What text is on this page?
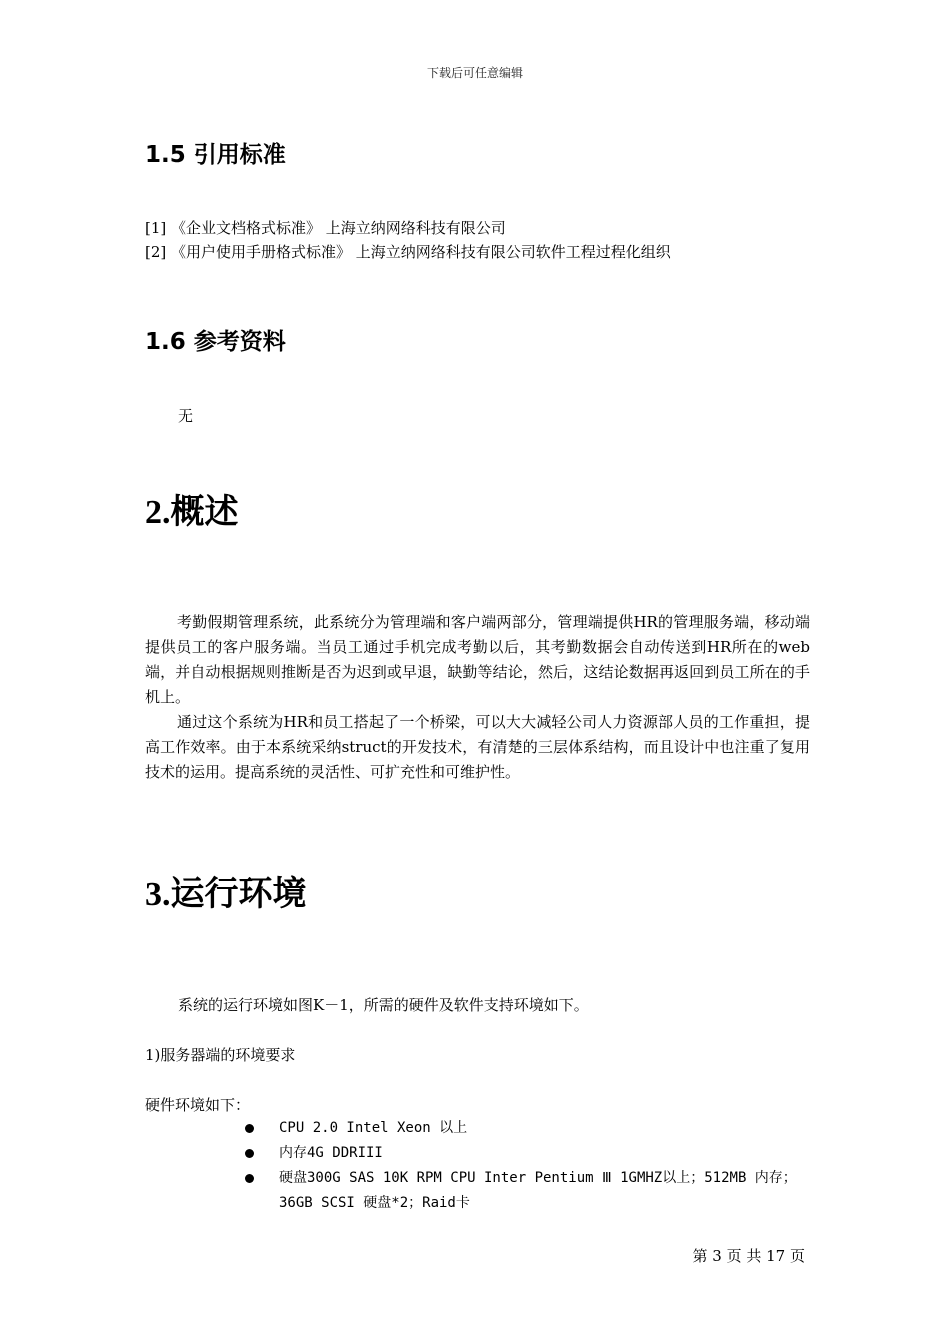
下载后可任意编辑
1.5 引用标准
[1] 《企业文档格式标准》 上海立纳网络科技有限公司
[2] 《用户使用手册格式标准》 上海立纳网络科技有限公司软件工程过程化组织
1.6 参考资料
无
2.概述

考勤假期管理系统，此系统分为管理端和客户端两部分，管理端提供HR的管理服务端，移动端提供员工的客户服务端。当员工通过手机完成考勤以后，其考勤数据会自动传送到HR所在的web端，并自动根据规则推断是否为迟到或早退，缺勤等结论，然后，这结论数据再返回到员工所在的手机上。

通过这个系统为HR和员工搭起了一个桥梁，可以大大减轻公司人力资源部人员的工作重担，提高工作效率。由于本系统采纳struct的开发技术，有清楚的三层体系结构，而且设计中也注重了复用技术的运用。提高系统的灵活性、可扩充性和可维护性。

3.运行环境
系统的运行环境如图K－1，所需的硬件及软件支持环境如下。
1)服务器端的环境要求
硬件环境如下：
CPU 2.0 Intel Xeon 以上
内存4G DDRIII
硬盘300G SAS 10K RPM CPU Inter Pentium Ⅲ 1GMHZ以上；512MB 内存；36GB SCSI 硬盘*2；Raid卡
第 3 页 共 17 页
